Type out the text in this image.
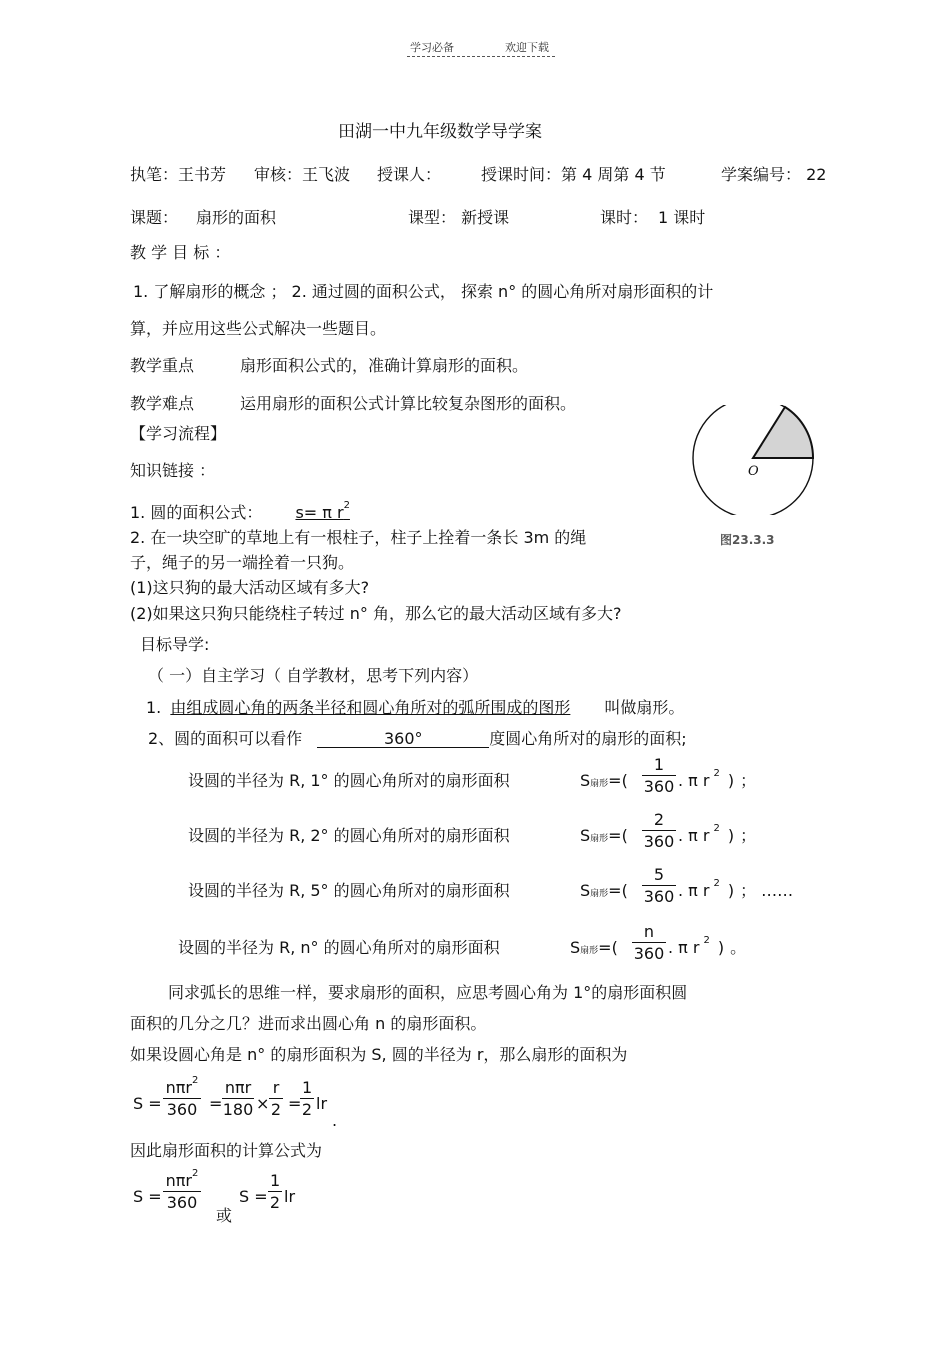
学习必备	欢迎下载
田湖一中九年级数学导学案
执笔：王书芳 审核：王飞波 授课人： 授课时间：第 4 周第 4 节	学案编号： 22
课题： 扇形的面积	课型： 新授课	课时： 1 课时
教 学 目 标 ：
1. 了解扇形的概念 ； 2. 通过圆的面积公式， 探索 n° 的圆心角所对扇形面积的计
算，并应用这些公式解决一些题目。
教学重点	扇形面积公式的，准确计算扇形的面积。
教学难点	运用扇形的面积公式计算比较复杂图形的面积。
【学习流程】
知识链接 ：
1. 圆的面积公式： s= π $r^2$
2. 在一块空旷的草地上有一根柱子，柱子上拴着一条长 3m 的绳
子，绳子的另一端拴着一只狗。
(1)这只狗的最大活动区域有多大?
(2)如果这只狗只能绕柱子转过 n° 角，那么它的最大活动区域有多大?
O
图23.3.3
目标导学:
（ 一）自主学习（ 自学教材，思考下列内容）
1. 由组成圆心角的两条半径和圆心角所对的弧所围成的图形 叫做扇形。
2、圆的面积可以看作	360°	度圆心角所对的扇形的面积;
设圆的半径为 R, 1° 的圆心角所对的扇形面积	S扇形=( $\frac{1}{360}$ . π r $^2$ ) ；
设圆的半径为 R, 2° 的圆心角所对的扇形面积	S扇形=( $\frac{2}{360}$ . π r $^2$ ) ；
设圆的半径为 R, 5° 的圆心角所对的扇形面积	S扇形=( $\frac{5}{360}$ . π r $^2$ ) ； ……
设圆的半径为 R, n° 的圆心角所对的扇形面积	S扇形=( $\frac{n}{360}$ . π r $^2$ ) 。
同求弧长的思维一样，要求扇形的面积，应思考圆心角为 1°的扇形面积圆
面积的几分之几？进而求出圆心角 n 的扇形面积。
如果设圆心角是 n° 的扇形面积为 S, 圆的半径为 r，那么扇形的面积为
S =
nπr$^2$
360 =
nπr
$180 \times \frac{r}{2}$ =
$\frac{1}{2}$ lr
.
因此扇形面积的计算公式为
S =
nπr$^2$
360
或
$S = \frac{1}{2}$ lr
